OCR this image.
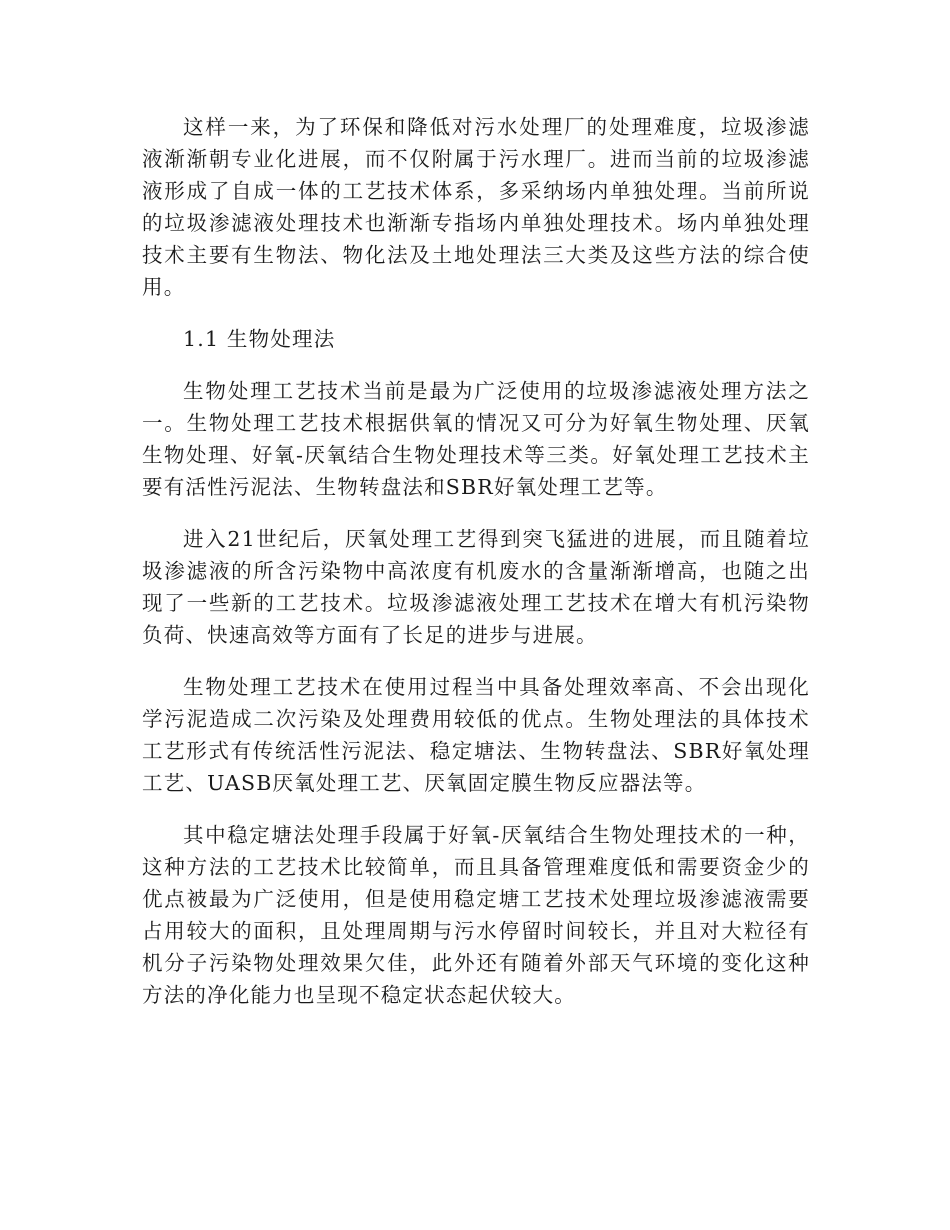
这样一来，为了环保和降低对污水处理厂的处理难度，垃圾渗滤液渐渐朝专业化进展，而不仅附属于污水理厂。进而当前的垃圾渗滤液形成了自成一体的工艺技术体系，多采纳场内单独处理。当前所说的垃圾渗滤液处理技术也渐渐专指场内单独处理技术。场内单独处理技术主要有生物法、物化法及土地处理法三大类及这些方法的综合使用。

1.1 生物处理法

生物处理工艺技术当前是最为广泛使用的垃圾渗滤液处理方法之一。生物处理工艺技术根据供氧的情况又可分为好氧生物处理、厌氧生物处理、好氧-厌氧结合生物处理技术等三类。好氧处理工艺技术主要有活性污泥法、生物转盘法和SBR好氧处理工艺等。

进入21世纪后，厌氧处理工艺得到突飞猛进的进展，而且随着垃圾渗滤液的所含污染物中高浓度有机废水的含量渐渐增高，也随之出现了一些新的工艺技术。垃圾渗滤液处理工艺技术在增大有机污染物负荷、快速高效等方面有了长足的进步与进展。

生物处理工艺技术在使用过程当中具备处理效率高、不会出现化学污泥造成二次污染及处理费用较低的优点。生物处理法的具体技术工艺形式有传统活性污泥法、稳定塘法、生物转盘法、SBR好氧处理工艺、UASB厌氧处理工艺、厌氧固定膜生物反应器法等。

其中稳定塘法处理手段属于好氧-厌氧结合生物处理技术的一种，这种方法的工艺技术比较简单，而且具备管理难度低和需要资金少的优点被最为广泛使用，但是使用稳定塘工艺技术处理垃圾渗滤液需要占用较大的面积，且处理周期与污水停留时间较长，并且对大粒径有机分子污染物处理效果欠佳，此外还有随着外部天气环境的变化这种方法的净化能力也呈现不稳定状态起伏较大。
